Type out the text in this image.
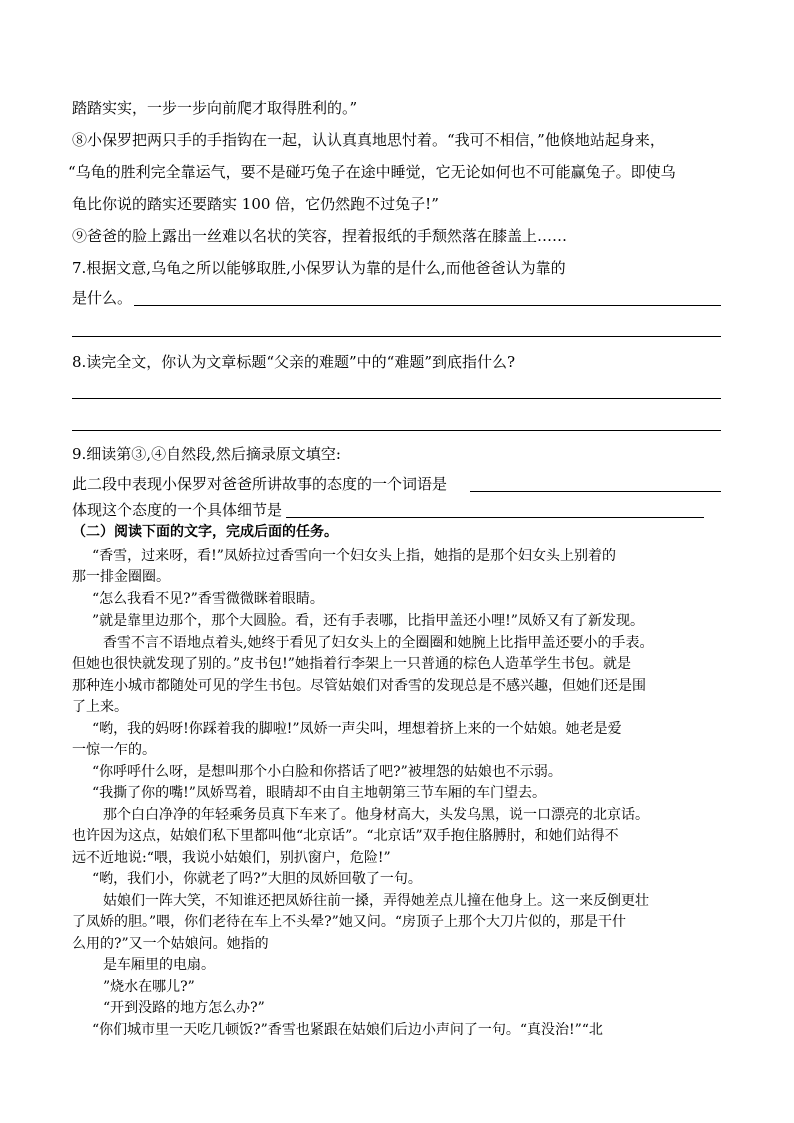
踏踏实实，一步一步向前爬才取得胜利的。”
⑧小保罗把两只手的手指钩在一起，认认真真地思忖着。“我可不相信，”他倏地站起身来，
“乌龟的胜利完全靠运气，要不是碰巧兔子在途中睡觉，它无论如何也不可能赢兔子。即使乌
龟比你说的踏实还要踏实 100 倍，它仍然跑不过兔子!”
⑨爸爸的脸上露出一丝难以名状的笑容，捏着报纸的手颓然落在膝盖上……
7.根据文意,乌龟之所以能够取胜,小保罗认为靠的是什么,而他爸爸认为靠的
是什么。
8.读完全文，你认为文章标题“父亲的难题”中的“难题”到底指什么?
9.细读第③,④自然段,然后摘录原文填空:
此二段中表现小保罗对爸爸所讲故事的态度的一个词语是
体现这个态度的一个具体细节是
（二）阅读下面的文字，完成后面的任务。
“香雪，过来呀，看!”凤娇拉过香雪向一个妇女头上指，她指的是那个妇女头上别着的
那一排金圈圈。
“怎么我看不见?”香雪微微眯着眼睛。
”就是靠里边那个，那个大圆脸。看，还有手表哪，比指甲盖还小哩!”凤娇又有了新发现。
香雪不言不语地点着头,她终于看见了妇女头上的全圈圈和她腕上比指甲盖还要小的手表。
但她也很快就发现了别的。”皮书包!”她指着行李架上一只普通的棕色人造革学生书包。就是
那种连小城市都随处可见的学生书包。尽管姑娘们对香雪的发现总是不感兴趣，但她们还是围
了上来。
“哟，我的妈呀!你踩着我的脚啦!”凤娇一声尖叫，埋想着挤上来的一个姑娘。她老是爱
一惊一乍的。
“你呼呼什么呀，是想叫那个小白脸和你搭话了吧?”被埋怨的姑娘也不示弱。
“我撕了你的嘴!”凤娇骂着，眼睛却不由自主地朝第三节车厢的车门望去。
那个白白净净的年轻乘务员真下车来了。他身材高大，头发乌黑，说一口漂亮的北京话。
也许因为这点，姑娘们私下里都叫他“北京话”。“北京话”双手抱住胳膊肘，和她们站得不
远不近地说:“喂，我说小姑娘们，别扒窗户，危险!”
“哟，我们小，你就老了吗?”大胆的凤娇回敬了一句。
姑娘们一阵大笑，不知谁还把凤娇往前一搡，弄得她差点儿撞在他身上。这一来反倒更壮
了凤娇的胆。”喂，你们老待在车上不头晕?”她又问。“房顶子上那个大刀片似的，那是干什
么用的?”又一个姑娘问。她指的
是车厢里的电扇。
”烧水在哪儿?”
“开到没路的地方怎么办?”
“你们城市里一天吃几顿饭?”香雪也紧跟在姑娘们后边小声问了一句。“真没治!”“北
